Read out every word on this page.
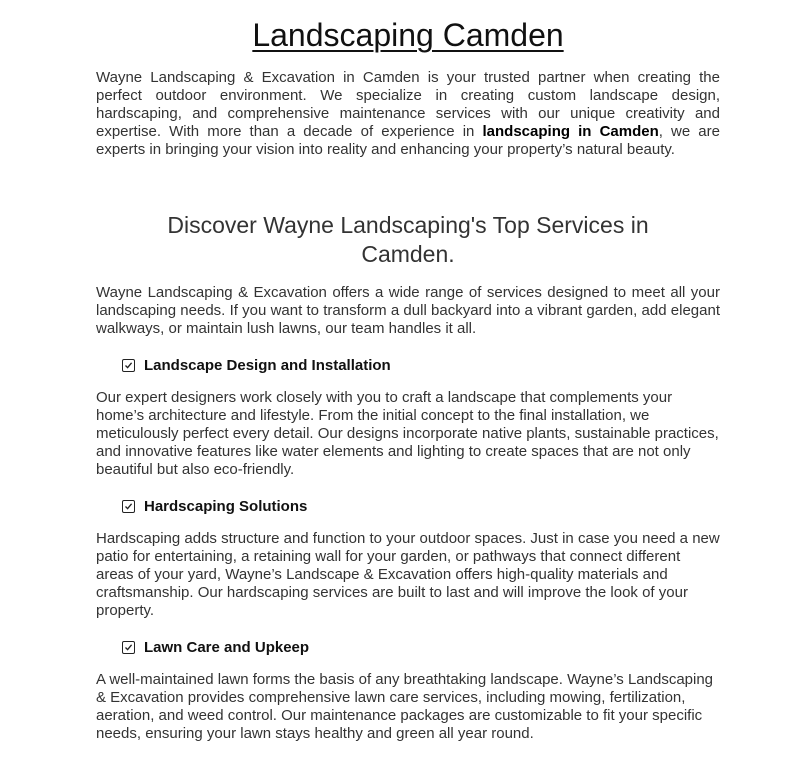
Landscaping Camden

Wayne Landscaping & Excavation in Camden is your trusted partner when creating the perfect outdoor environment. We specialize in creating custom landscape design, hardscaping, and comprehensive maintenance services with our unique creativity and expertise. With more than a decade of experience in landscaping in Camden, we are experts in bringing your vision into reality and enhancing your property’s natural beauty.

Discover Wayne Landscaping's Top Services in Camden.

Wayne Landscaping & Excavation offers a wide range of services designed to meet all your landscaping needs. If you want to transform a dull backyard into a vibrant garden, add elegant walkways, or maintain lush lawns, our team handles it all.

Landscape Design and Installation

Our expert designers work closely with you to craft a landscape that complements your home’s architecture and lifestyle. From the initial concept to the final installation, we meticulously perfect every detail. Our designs incorporate native plants, sustainable practices, and innovative features like water elements and lighting to create spaces that are not only beautiful but also eco-friendly.

Hardscaping Solutions

Hardscaping adds structure and function to your outdoor spaces. Just in case you need a new patio for entertaining, a retaining wall for your garden, or pathways that connect different areas of your yard, Wayne’s Landscape & Excavation offers high-quality materials and craftsmanship. Our hardscaping services are built to last and will improve the look of your property.

Lawn Care and Upkeep

A well-maintained lawn forms the basis of any breathtaking landscape. Wayne’s Landscaping & Excavation provides comprehensive lawn care services, including mowing, fertilization, aeration, and weed control. Our maintenance packages are customizable to fit your specific needs, ensuring your lawn stays healthy and green all year round.
